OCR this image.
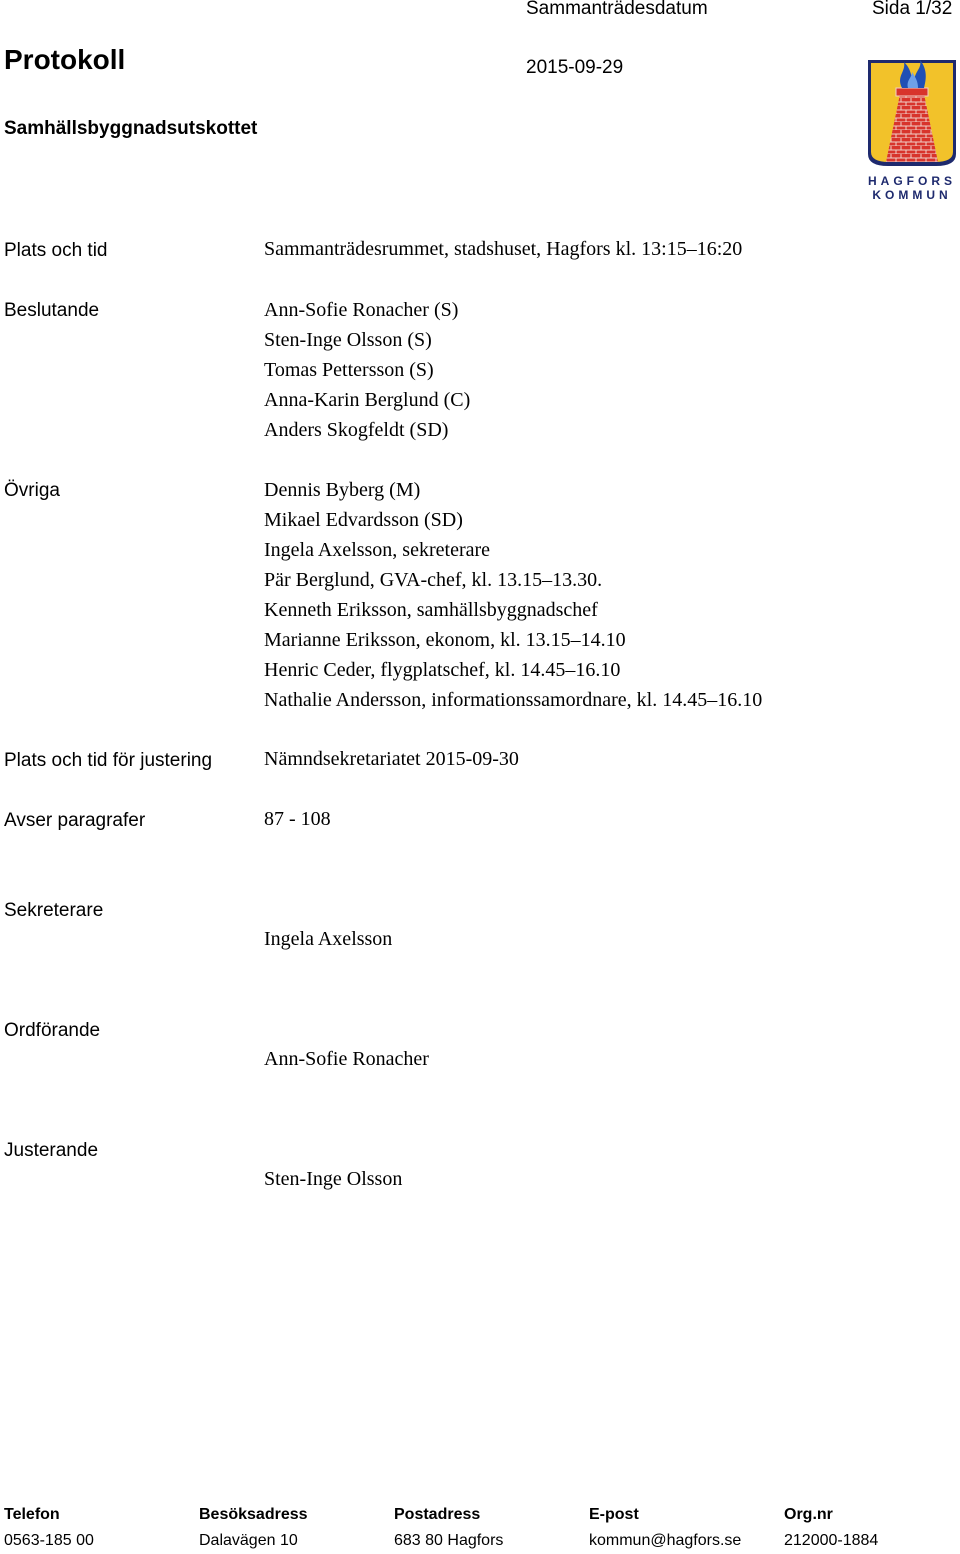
Sammanträdesdatum	Sida 1/32
Protokoll	2015-09-29
Samhällsbyggnadsutskottet
HAGFORS
KOMMUN
Plats och tid	Sammanträdesrummet, stadshuset, Hagfors kl. 13:15–16:20
Beslutande	Ann-Sofie Ronacher (S)
Sten-Inge Olsson (S)
Tomas Pettersson (S)
Anna-Karin Berglund (C)
Anders Skogfeldt (SD)
Övriga	Dennis Byberg (M)
Mikael Edvardsson (SD)
Ingela Axelsson, sekreterare
Pär Berglund, GVA-chef, kl. 13.15–13.30.
Kenneth Eriksson, samhällsbyggnadschef
Marianne Eriksson, ekonom, kl. 13.15–14.10
Henric Ceder, flygplatschef, kl. 14.45–16.10
Nathalie Andersson, informationssamordnare, kl. 14.45–16.10
Plats och tid för justering	Nämndsekretariatet 2015-09-30
Avser paragrafer	87 - 108
Sekreterare
Ingela Axelsson
Ordförande
Ann-Sofie Ronacher
Justerande
Sten-Inge Olsson
Telefon
0563-185 00
Besöksadress
Dalavägen 10
Postadress
683 80 Hagfors
E-post
kommun@hagfors.se
Org.nr
212000-1884
